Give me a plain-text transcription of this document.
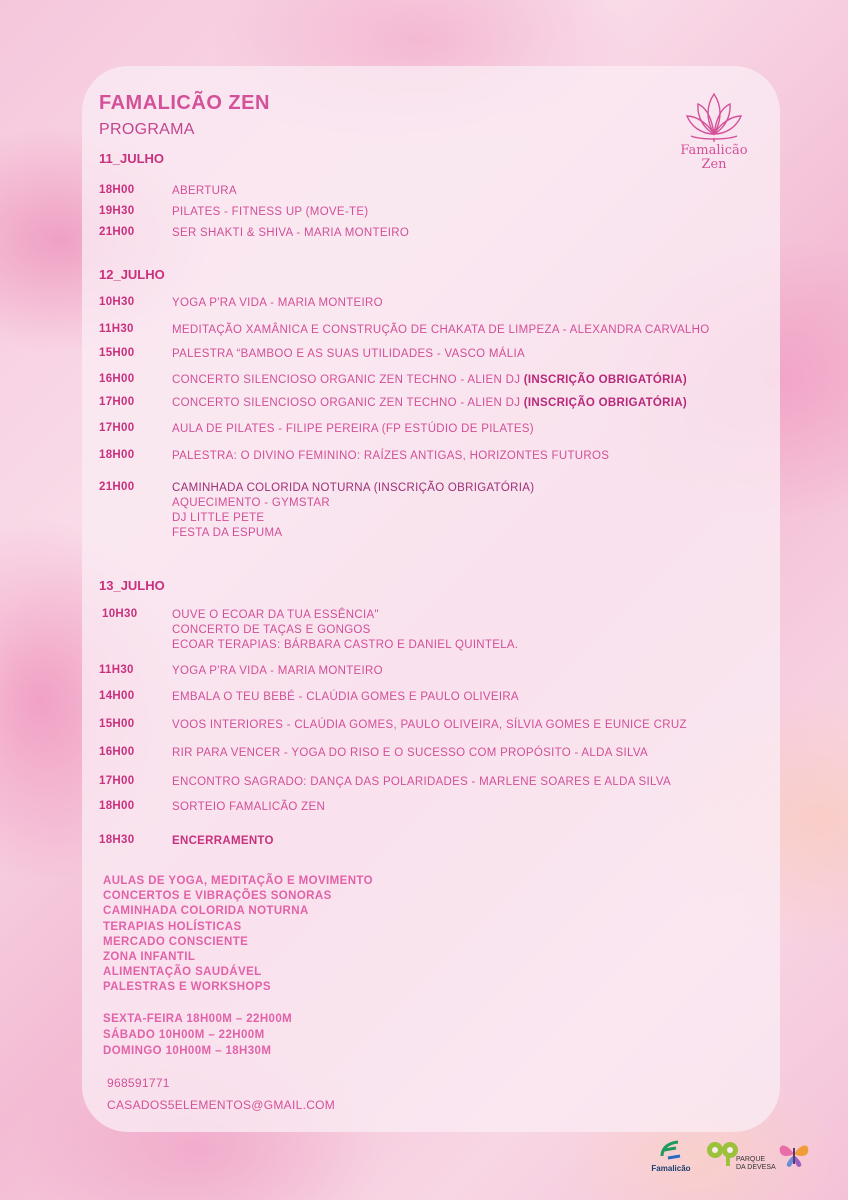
FAMALICÃO ZEN
PROGRAMA
Famalicão
Zen
11_JULHO
18H00	ABERTURA
19H30	PILATES - FITNESS UP (MOVE-TE)
21H00	SER SHAKTI & SHIVA - MARIA MONTEIRO
12_JULHO
10H30	YOGA P'RA VIDA - MARIA MONTEIRO
11H30	MEDITAÇÃO XAMÂNICA E CONSTRUÇÃO DE CHAKATA DE LIMPEZA - ALEXANDRA CARVALHO
15H00	PALESTRA “BAMBOO E AS SUAS UTILIDADES - VASCO MÁLIA
16H00	CONCERTO SILENCIOSO ORGANIC ZEN TECHNO - ALIEN DJ (INSCRIÇÃO OBRIGATÓRIA)
17H00	CONCERTO SILENCIOSO ORGANIC ZEN TECHNO - ALIEN DJ (INSCRIÇÃO OBRIGATÓRIA)
17H00	AULA DE PILATES - FILIPE PEREIRA (FP ESTÚDIO DE PILATES)
18H00	PALESTRA: O DIVINO FEMININO: RAÍZES ANTIGAS, HORIZONTES FUTUROS
21H00	CAMINHADA COLORIDA NOTURNA (INSCRIÇÃO OBRIGATÓRIA)
AQUECIMENTO - GYMSTAR
DJ LITTLE PETE
FESTA DA ESPUMA
13_JULHO
10H30	OUVE O ECOAR DA TUA ESSÊNCIA"
CONCERTO DE TAÇAS E GONGOS
ECOAR TERAPIAS: BÁRBARA CASTRO E DANIEL QUINTELA.
11H30	YOGA P'RA VIDA - MARIA MONTEIRO
14H00	EMBALA O TEU BEBÉ - CLAÚDIA GOMES E PAULO OLIVEIRA
15H00	VOOS INTERIORES - CLAÚDIA GOMES, PAULO OLIVEIRA, SÍLVIA GOMES E EUNICE CRUZ
16H00	RIR PARA VENCER - YOGA DO RISO E O SUCESSO COM PROPÓSITO - ALDA SILVA
17H00	ENCONTRO SAGRADO: DANÇA DAS POLARIDADES - MARLENE SOARES E ALDA SILVA
18H00	SORTEIO FAMALICÃO ZEN
18H30	ENCERRAMENTO
AULAS DE YOGA, MEDITAÇÃO E MOVIMENTO
CONCERTOS E VIBRAÇÕES SONORAS
CAMINHADA COLORIDA NOTURNA
TERAPIAS HOLÍSTICAS
MERCADO CONSCIENTE
ZONA INFANTIL
ALIMENTAÇÃO SAUDÁVEL
PALESTRAS E WORKSHOPS
SEXTA-FEIRA 18H00M – 22H00M
SÁBADO 10H00M – 22H00M
DOMINGO 10H00M – 18H30M
968591771
CASADOS5ELEMENTOS@GMAIL.COM
Famalicão
PARQUE
DA DEVESA
